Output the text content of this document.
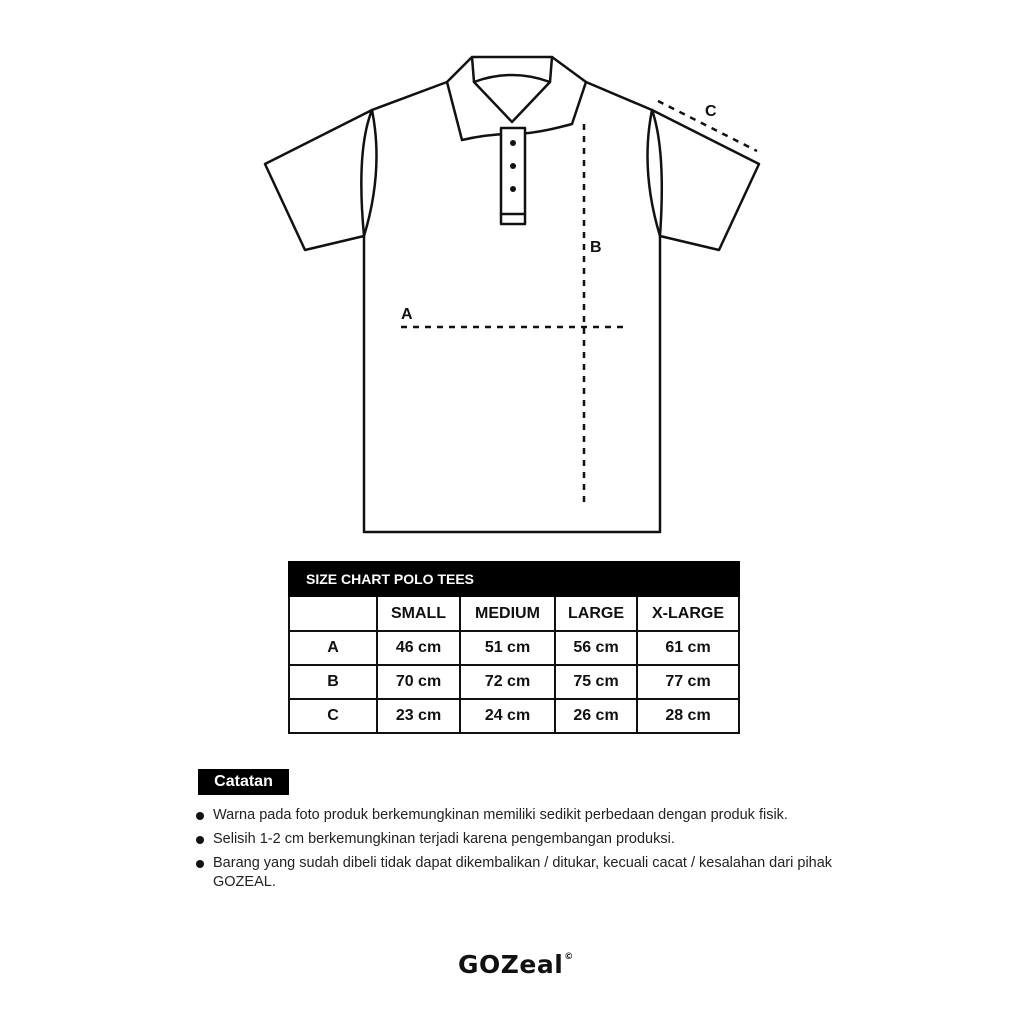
A
B
C
SIZE CHART POLO TEES				
	SMALL	MEDIUM	LARGE	X-LARGE
A	46 cm	51 cm	56 cm	61 cm
B	70 cm	72 cm	75 cm	77 cm
C	23 cm	24 cm	26 cm	28 cm
Catatan
Warna pada foto produk berkemungkinan memiliki sedikit perbedaan dengan produk fisik.
Selisih 1-2 cm berkemungkinan terjadi karena pengembangan produksi.
Barang yang sudah dibeli tidak dapat dikembalikan / ditukar, kecuali cacat / kesalahan dari pihak GOZEAL.
GOZeal©
